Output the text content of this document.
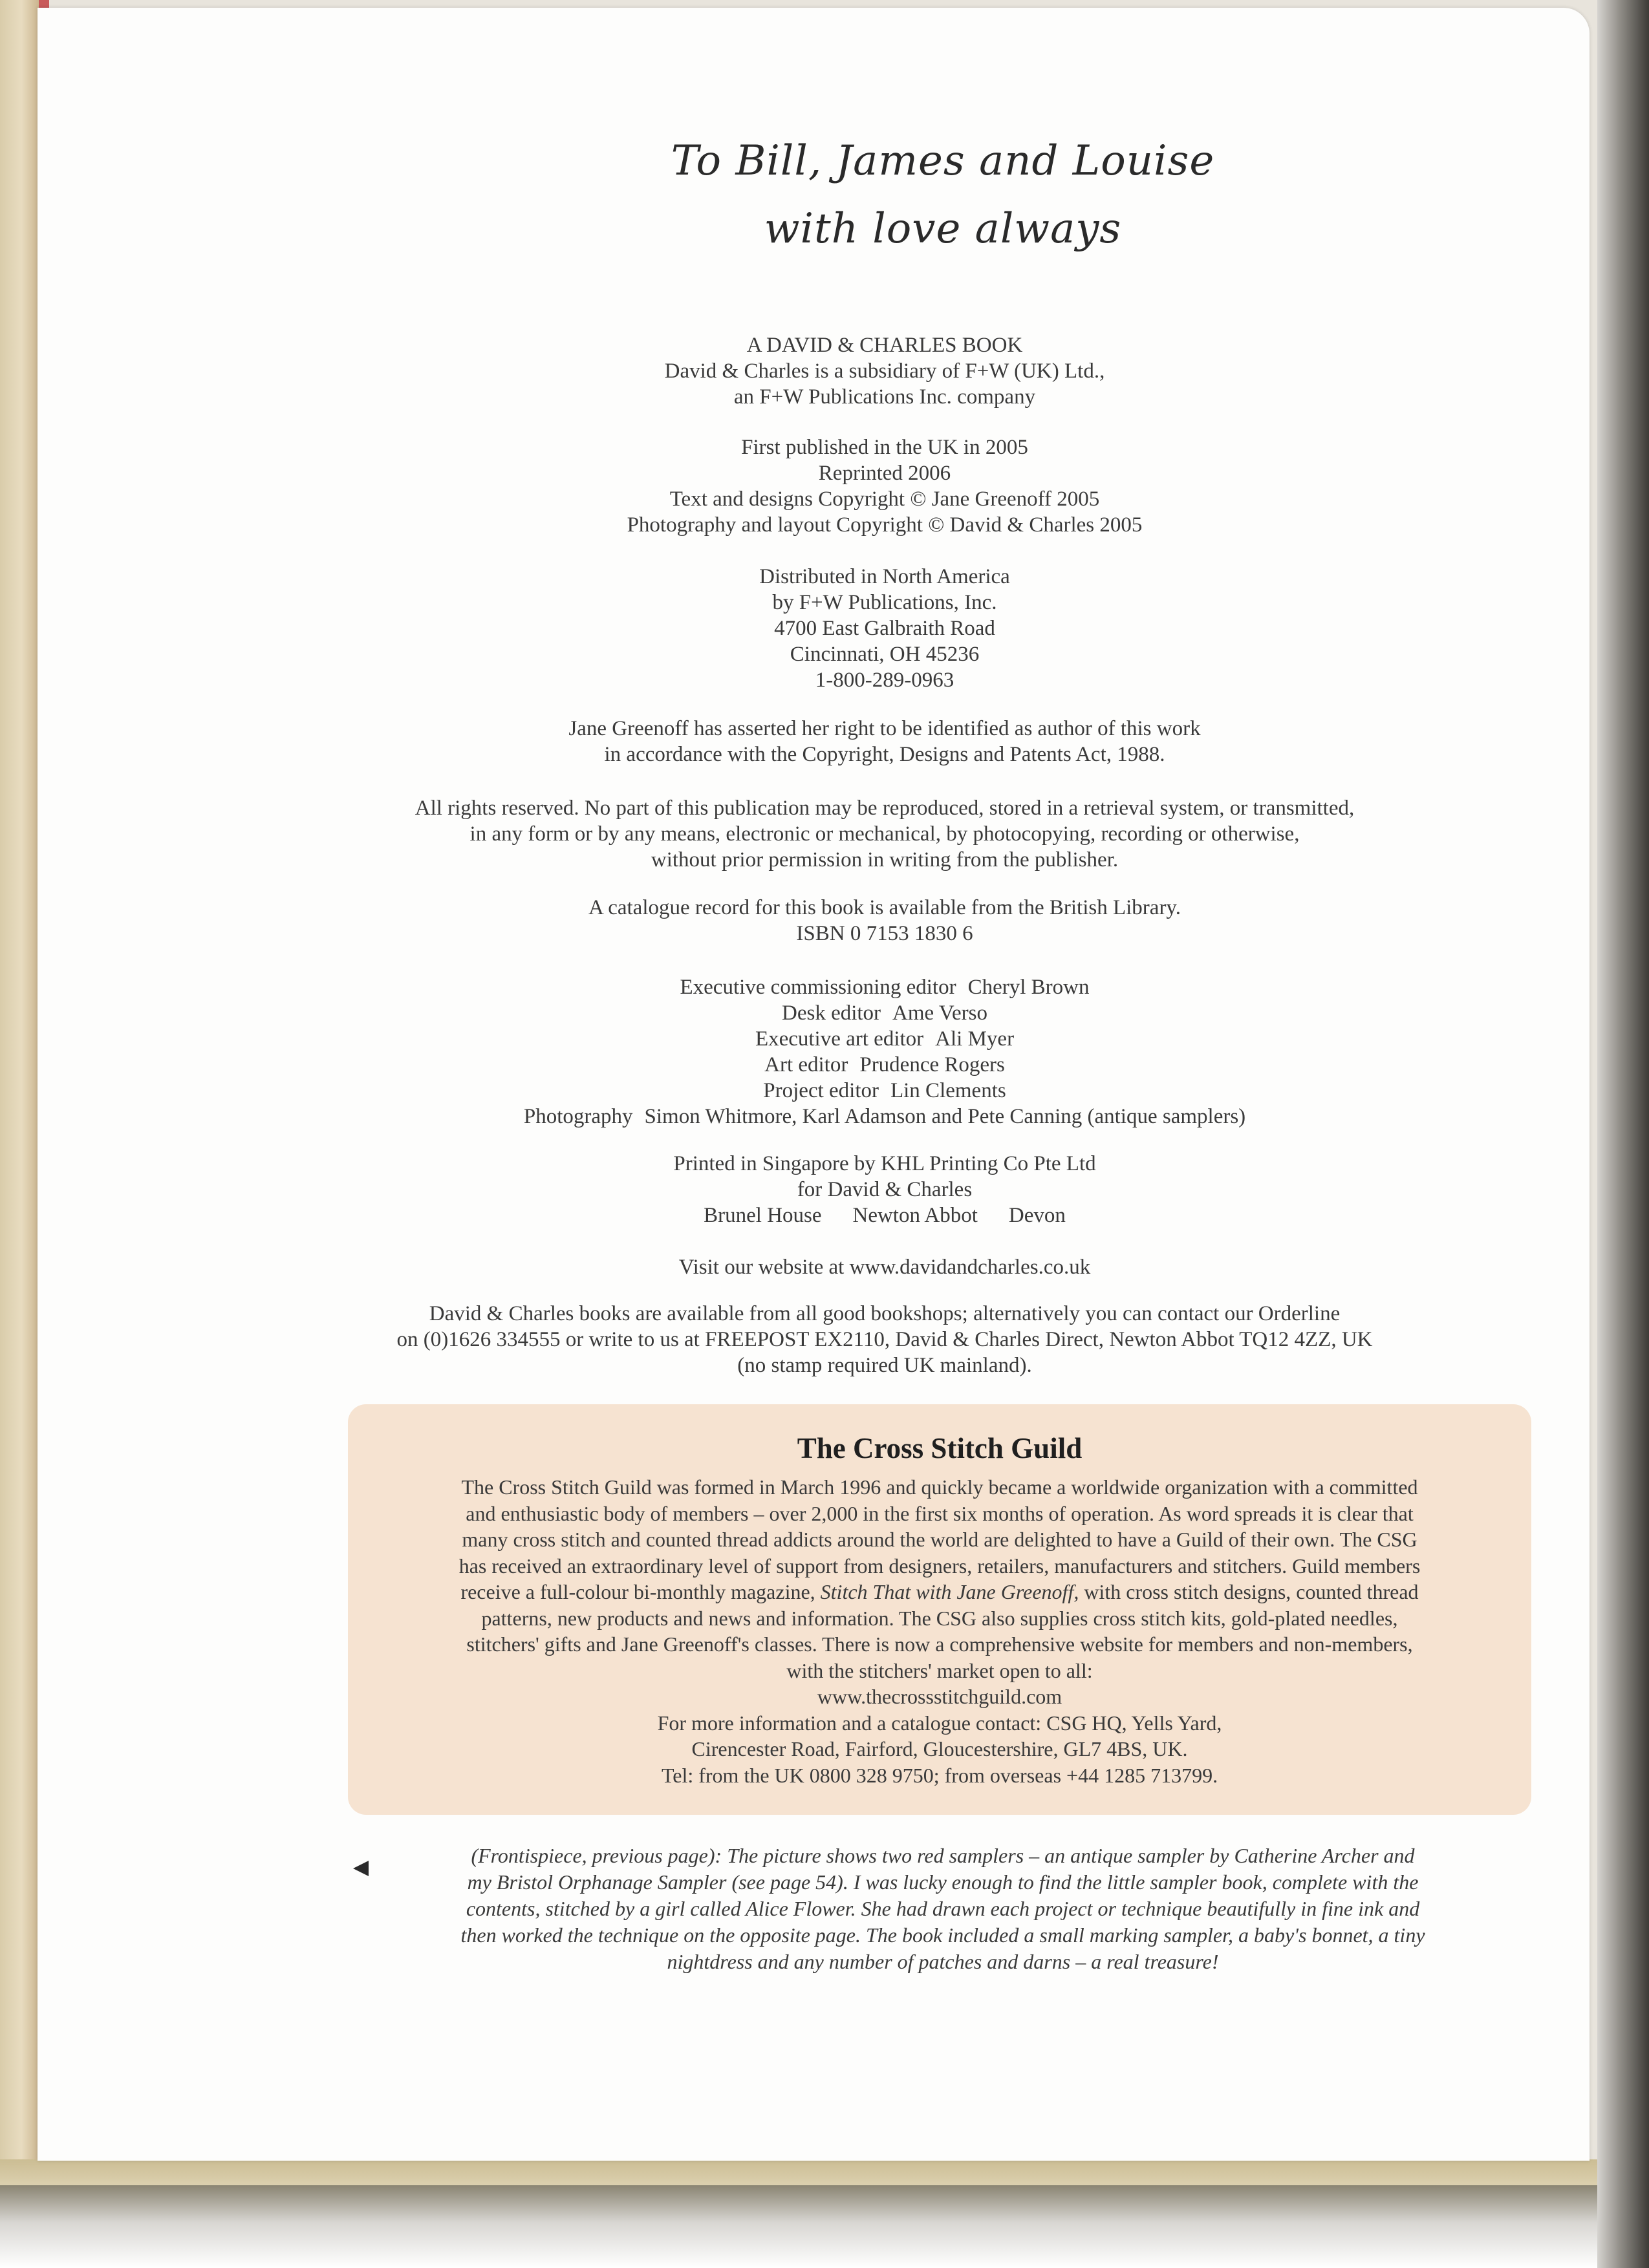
To Bill, James and Louise
with love always
A DAVID & CHARLES BOOK
David & Charles is a subsidiary of F+W (UK) Ltd.,
an F+W Publications Inc. company
First published in the UK in 2005
Reprinted 2006
Text and designs Copyright © Jane Greenoff 2005
Photography and layout Copyright © David & Charles 2005
Distributed in North America
by F+W Publications, Inc.
4700 East Galbraith Road
Cincinnati, OH 45236
1-800-289-0963
Jane Greenoff has asserted her right to be identified as author of this work
in accordance with the Copyright, Designs and Patents Act, 1988.
All rights reserved. No part of this publication may be reproduced, stored in a retrieval system, or transmitted,
in any form or by any means, electronic or mechanical, by photocopying, recording or otherwise,
without prior permission in writing from the publisher.
A catalogue record for this book is available from the British Library.
ISBN 0 7153 1830 6
Executive commissioning editor Cheryl Brown
Desk editor Ame Verso
Executive art editor Ali Myer
Art editor Prudence Rogers
Project editor Lin Clements
Photography Simon Whitmore, Karl Adamson and Pete Canning (antique samplers)
Printed in Singapore by KHL Printing Co Pte Ltd
for David & Charles
Brunel House Newton Abbot Devon
Visit our website at www.davidandcharles.co.uk
David & Charles books are available from all good bookshops; alternatively you can contact our Orderline
on (0)1626 334555 or write to us at FREEPOST EX2110, David & Charles Direct, Newton Abbot TQ12 4ZZ, UK
(no stamp required UK mainland).
The Cross Stitch Guild
The Cross Stitch Guild was formed in March 1996 and quickly became a worldwide organization with a committed
and enthusiastic body of members – over 2,000 in the first six months of operation. As word spreads it is clear that
many cross stitch and counted thread addicts around the world are delighted to have a Guild of their own. The CSG
has received an extraordinary level of support from designers, retailers, manufacturers and stitchers. Guild members
receive a full-colour bi-monthly magazine, Stitch That with Jane Greenoff, with cross stitch designs, counted thread
patterns, new products and news and information. The CSG also supplies cross stitch kits, gold-plated needles,
stitchers' gifts and Jane Greenoff's classes. There is now a comprehensive website for members and non-members,
with the stitchers' market open to all:
www.thecrossstitchguild.com
For more information and a catalogue contact: CSG HQ, Yells Yard,
Cirencester Road, Fairford, Gloucestershire, GL7 4BS, UK.
Tel: from the UK 0800 328 9750; from overseas +44 1285 713799.
(Frontispiece, previous page): The picture shows two red samplers – an antique sampler by Catherine Archer and
my Bristol Orphanage Sampler (see page 54). I was lucky enough to find the little sampler book, complete with the
contents, stitched by a girl called Alice Flower. She had drawn each project or technique beautifully in fine ink and
then worked the technique on the opposite page. The book included a small marking sampler, a baby's bonnet, a tiny
nightdress and any number of patches and darns – a real treasure!
